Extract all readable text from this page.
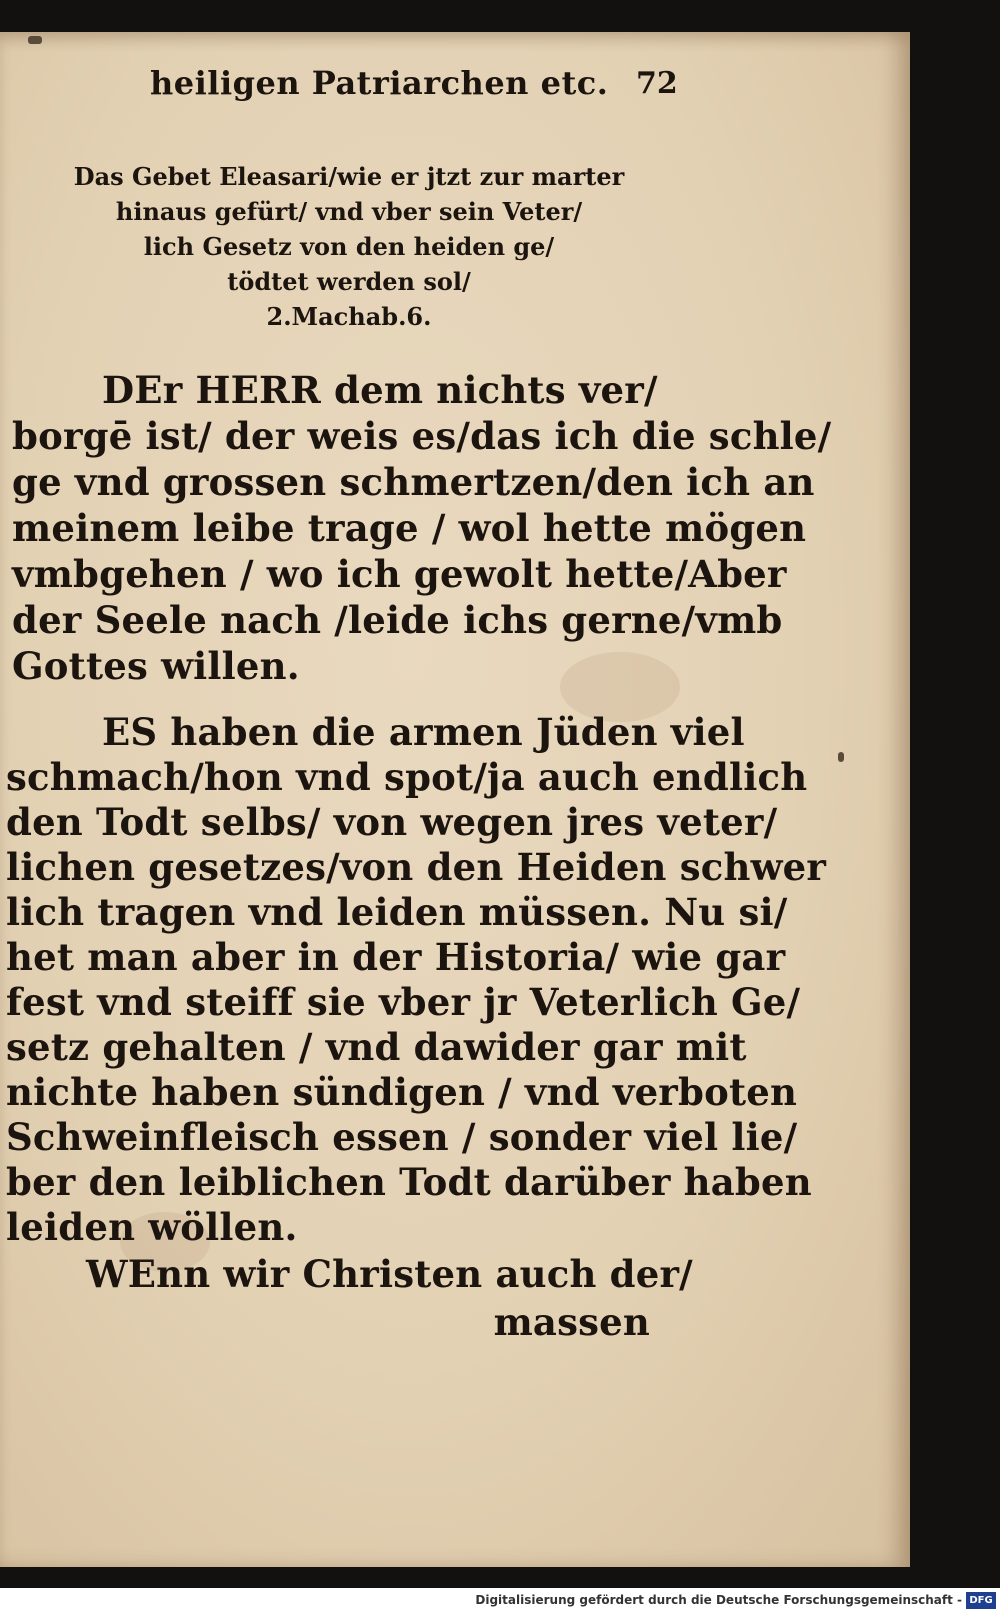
heiligen Patriarchen etc. 72
Das Gebet Eleasari/wie er jtzt zur marter
hinaus gefürt/ vnd vber sein Veter/
lich Gesetz von den heiden ge/
tödtet werden sol/
2.Machab.6.
DEr HERR dem nichts ver/
borgē ist/ der weis es/das ich die schle/
ge vnd grossen schmertzen/den ich an
meinem leibe trage / wol hette mögen
vmbgehen / wo ich gewolt hette/Aber
der Seele nach /leide ichs gerne/vmb
Gottes willen.
ES haben die armen Jüden viel
schmach/hon vnd spot/ja auch endlich
den Todt selbs/ von wegen jres veter/
lichen gesetzes/von den Heiden schwer
lich tragen vnd leiden müssen. Nu si/
het man aber in der Historia/ wie gar
fest vnd steiff sie vber jr Veterlich Ge/
setz gehalten / vnd dawider gar mit
nichte haben sündigen / vnd verboten
Schweinfleisch essen / sonder viel lie/
ber den leiblichen Todt darüber haben
leiden wöllen.
WEnn wir Christen auch der/
massen
Digitalisierung gefördert durch die Deutsche Forschungsgemeinschaft - DFG
